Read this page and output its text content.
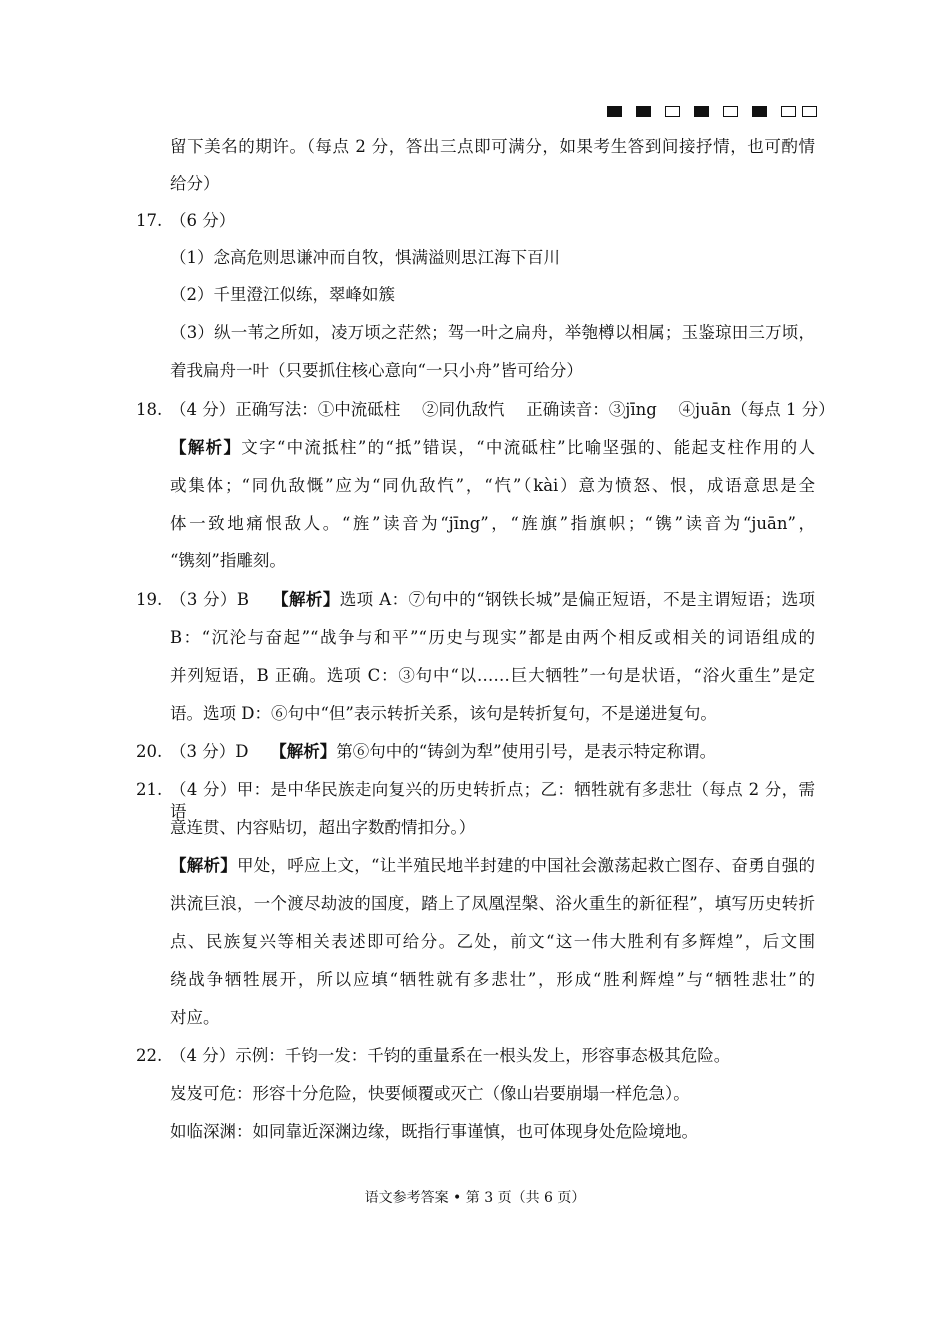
留下美名的期许。（每点 2 分，答出三点即可满分，如果考生答到间接抒情，也可酌情
给分）
17. （6 分）
（1）念高危则思谦冲而自牧，惧满溢则思江海下百川
（2）千里澄江似练，翠峰如簇
（3）纵一苇之所如，凌万顷之茫然；驾一叶之扁舟，举匏樽以相属；玉鉴琼田三万顷，
着我扁舟一叶（只要抓住核心意向“一只小舟”皆可给分）
18. （4 分）正确写法：①中流砥柱　 ②同仇敌忾　 正确读音：③jīng　 ④juān（每点 1 分）
【解析】文字“中流抵柱”的“抵”错误，“中流砥柱”比喻坚强的、能起支柱作用的人
或集体；“同仇敌慨”应为“同仇敌忾”，“忾”（kài）意为愤怒、恨，成语意思是全
体一致地痛恨敌人。“旌”读音为“jīng”，“旌旗”指旗帜；“镌”读音为“juān”，
“镌刻”指雕刻。
19. （3 分）B　 【解析】选项 A：⑦句中的“钢铁长城”是偏正短语，不是主谓短语；选项
B：“沉沦与奋起”“战争与和平”“历史与现实”都是由两个相反或相关的词语组成的
并列短语，B 正确。选项 C：③句中“以……巨大牺牲”一句是状语，“浴火重生”是定
语。选项 D：⑥句中“但”表示转折关系，该句是转折复句，不是递进复句。
20. （3 分）D　 【解析】第⑥句中的“铸剑为犁”使用引号，是表示特定称谓。
21. （4 分）甲：是中华民族走向复兴的历史转折点；乙：牺牲就有多悲壮（每点 2 分，需语
意连贯、内容贴切，超出字数酌情扣分。）
【解析】甲处，呼应上文，“让半殖民地半封建的中国社会激荡起救亡图存、奋勇自强的
洪流巨浪，一个渡尽劫波的国度，踏上了凤凰涅槃、浴火重生的新征程”，填写历史转折
点、民族复兴等相关表述即可给分。乙处，前文“这一伟大胜利有多辉煌”，后文围
绕战争牺牲展开，所以应填“牺牲就有多悲壮”，形成“胜利辉煌”与“牺牲悲壮”的
对应。
22. （4 分）示例：千钧一发：千钧的重量系在一根头发上，形容事态极其危险。
岌岌可危：形容十分危险，快要倾覆或灭亡（像山岩要崩塌一样危急）。
如临深渊：如同靠近深渊边缘，既指行事谨慎，也可体现身处危险境地。
语文参考答案 • 第 3 页（共 6 页）
